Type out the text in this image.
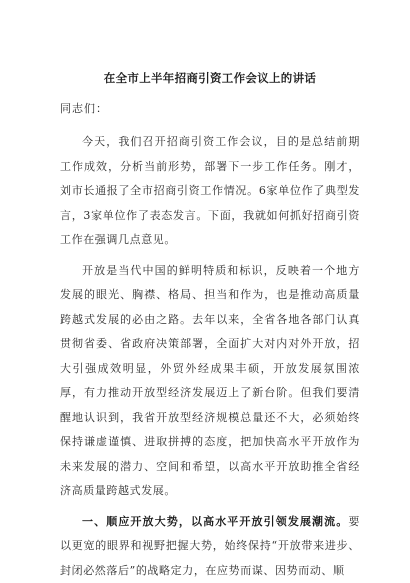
在全市上半年招商引资工作会议上的讲话
同志们：

今天，我们召开招商引资工作会议，目的是总结前期工作成效，分析当前形势，部署下一步工作任务。刚才，刘市长通报了全市招商引资工作情况。6家单位作了典型发言，3家单位作了表态发言。下面，我就如何抓好招商引资工作在强调几点意见。

开放是当代中国的鲜明特质和标识，反映着一个地方发展的眼光、胸襟、格局、担当和作为，也是推动高质量跨越式发展的必由之路。去年以来，全省各地各部门认真贯彻省委、省政府决策部署，全面扩大对内对外开放，招大引强成效明显，外贸外经成果丰硕，开放发展氛围浓厚，有力推动开放型经济发展迈上了新台阶。但我们要清醒地认识到，我省开放型经济规模总量还不大，必须始终保持谦虚谨慎、进取拼搏的态度，把加快高水平开放作为未来发展的潜力、空间和希望，以高水平开放助推全省经济高质量跨越式发展。

一、顺应开放大势，以高水平开放引领发展潮流。要以更宽的眼界和视野把握大势，始终保持“开放带来进步、封闭必然落后”的战略定力，在应势而谋、因势而动、顺
